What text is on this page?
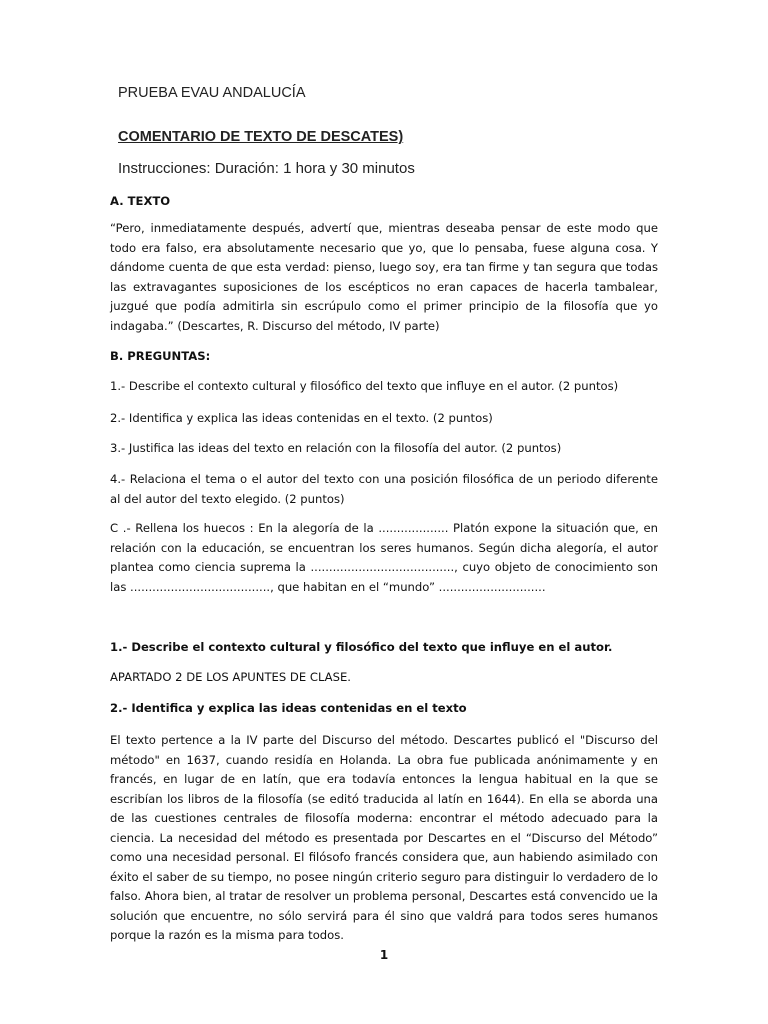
PRUEBA EVAU ANDALUCÍA
COMENTARIO DE TEXTO DE DESCATES)
Instrucciones: Duración: 1 hora y 30 minutos
A. TEXTO
“Pero, inmediatamente después, advertí que, mientras deseaba pensar de este modo que todo era falso, era absolutamente necesario que yo, que lo pensaba, fuese alguna cosa. Y dándome cuenta de que esta verdad: pienso, luego soy, era tan firme y tan segura que todas las extravagantes suposiciones de los escépticos no eran capaces de hacerla tambalear, juzgué que podía admitirla sin escrúpulo como el primer principio de la filosofía que yo indagaba.” (Descartes, R. Discurso del método, IV parte)
B. PREGUNTAS:
1.- Describe el contexto cultural y filosófico del texto que influye en el autor. (2 puntos)
2.- Identifica y explica las ideas contenidas en el texto. (2 puntos)
3.- Justifica las ideas del texto en relación con la filosofía del autor. (2 puntos)
4.- Relaciona el tema o el autor del texto con una posición filosófica de un periodo diferente al del autor del texto elegido. (2 puntos)
C .- Rellena los huecos : En la alegoría de la ................... Platón expone la situación que, en relación con la educación, se encuentran los seres humanos. Según dicha alegoría, el autor plantea como ciencia suprema la ......................................., cuyo objeto de conocimiento son las ......................................, que habitan en el “mundo” .............................
1.- Describe el contexto cultural y filosófico del texto que influye en el autor.
APARTADO 2 DE LOS APUNTES DE CLASE.
2.- Identifica y explica las ideas contenidas en el texto
El texto pertence a la IV parte del Discurso del método. Descartes publicó el "Discurso del método" en 1637, cuando residía en Holanda. La obra fue publicada anónimamente y en francés, en lugar de en latín, que era todavía entonces la lengua habitual en la que se escribían los libros de la filosofía (se editó traducida al latín en 1644). En ella se aborda una de las cuestiones centrales de filosofía moderna: encontrar el método adecuado para la ciencia. La necesidad del método es presentada por Descartes en el “Discurso del Método” como una necesidad personal. El filósofo francés considera que, aun habiendo asimilado con éxito el saber de su tiempo, no posee ningún criterio seguro para distinguir lo verdadero de lo falso. Ahora bien, al tratar de resolver un problema personal, Descartes está convencido ue la solución que encuentre, no sólo servirá para él sino que valdrá para todos seres humanos porque la razón es la misma para todos.
1
